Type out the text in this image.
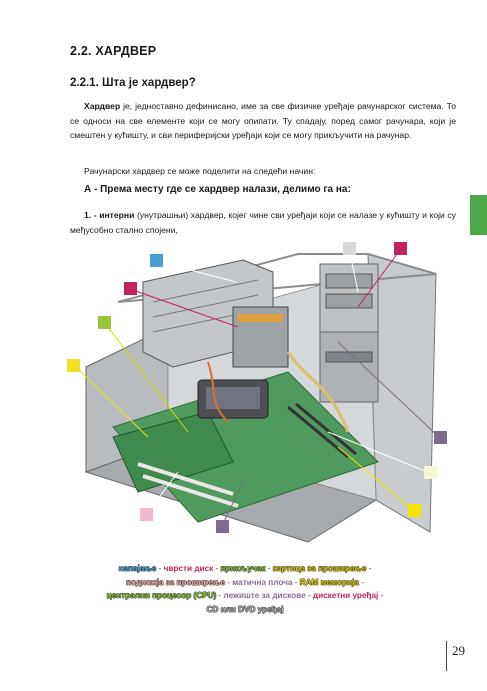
2.2. ХАРДВЕР
2.2.1. Шта је хардвер?

Хардвер је, једноставно дефинисано, име за све физичке уређаје рачунарског система. То се односи на све елементе који се могу опипати. Ту спадају, поред самог рачунара, који је смештен у кућишту, и сви периферијски уређаји који се могу прикључити на рачунар.

Рачунарски хардвер се може поделити на следећи начин:

А - Према месту где се хардвер налази, делимо га на:

1. - интерни (унутрашњи) хардвер, којег чине сви уређаји који се налазе у кућишту и који су међусобно стално спојени,

напајање - чврсти диск - прикључак - картица за проширење -
подножја за проширење - матична плоча - RAM меморија -
централни процесор (CPU) - лежиште за дискове - дискетни уређај -
CD или DVD уређај
29
